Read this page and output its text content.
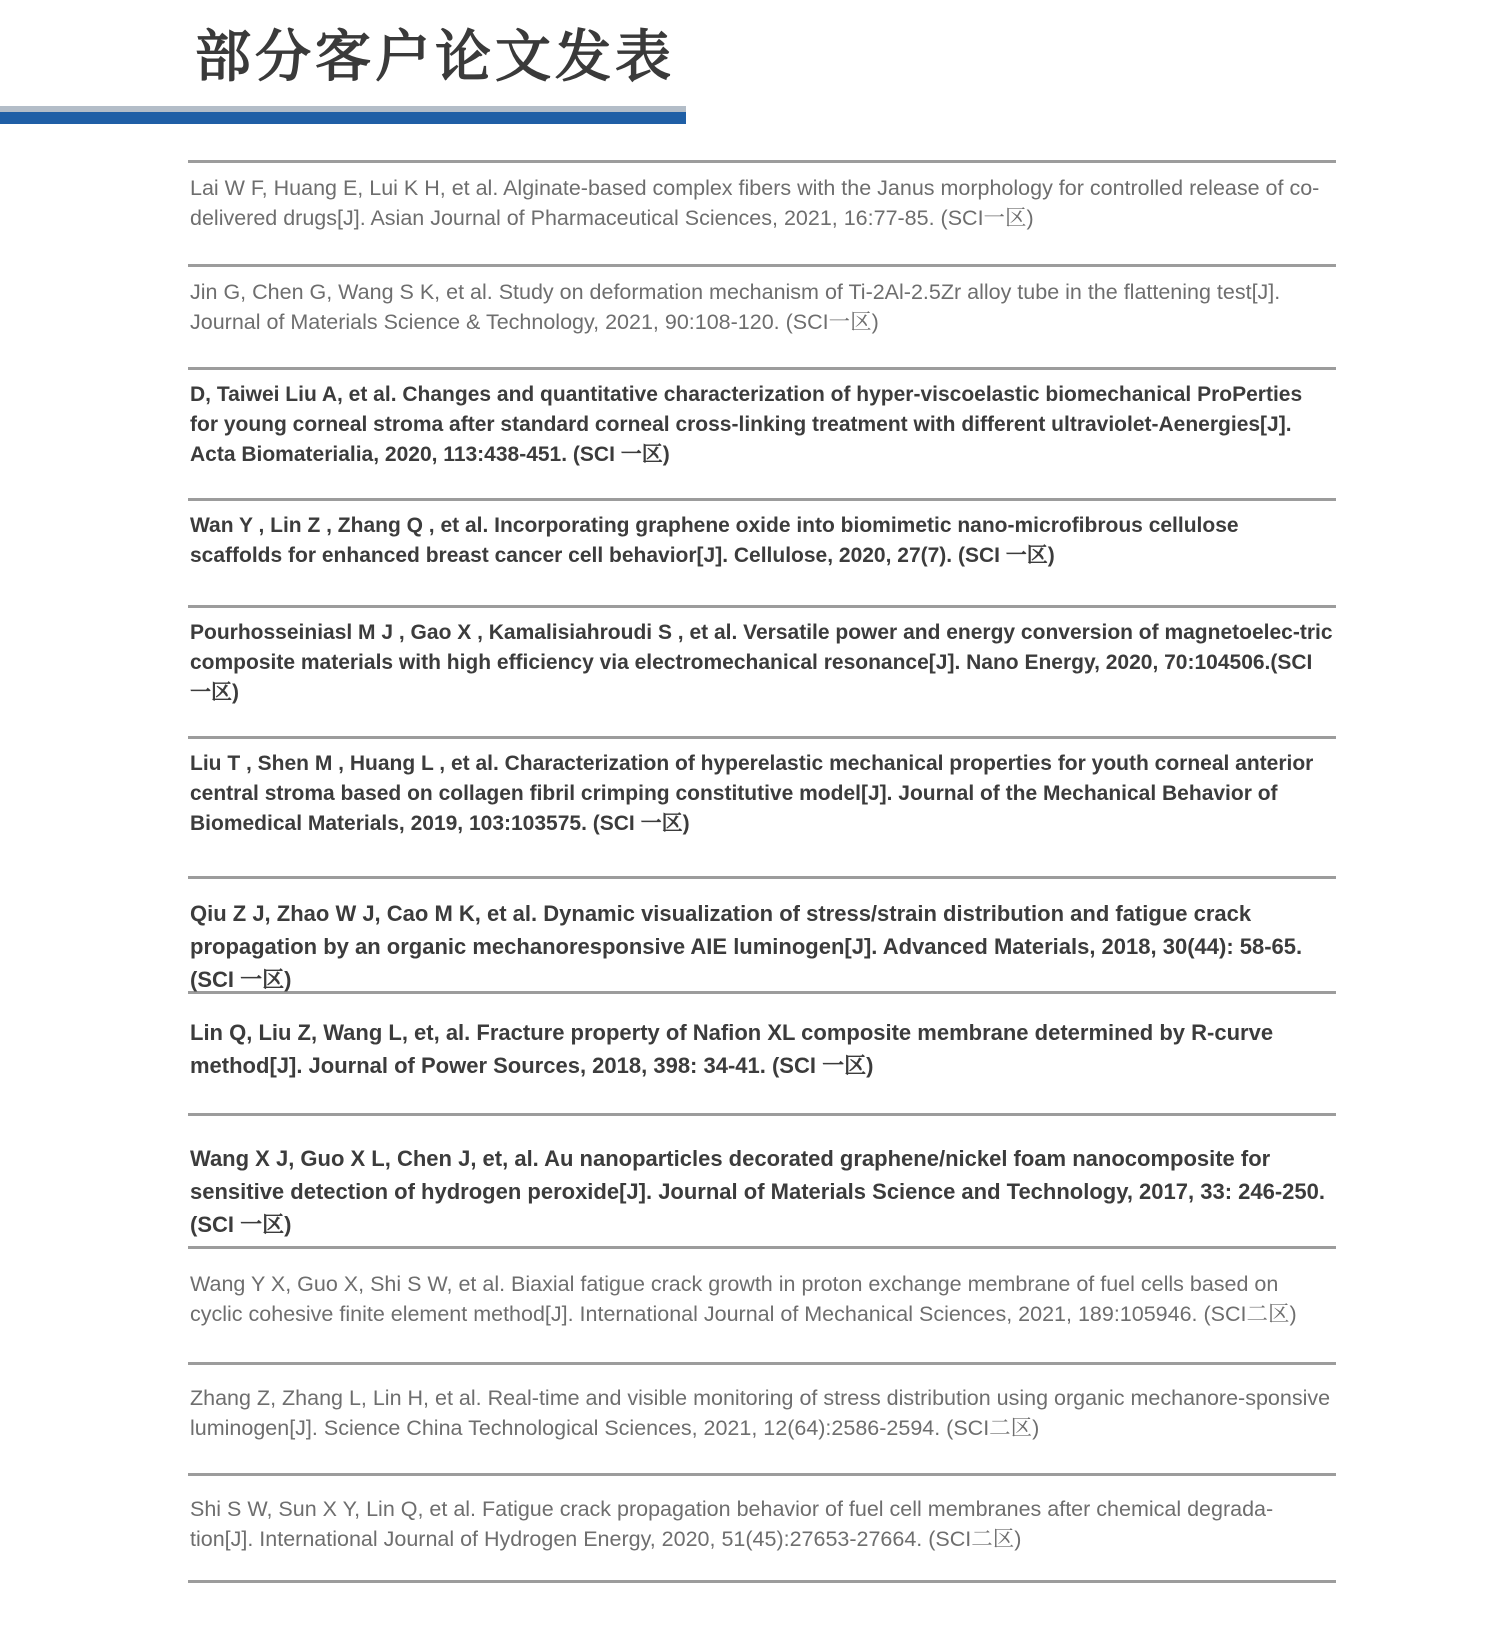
部分客户论文发表
Lai W F, Huang E, Lui K H, et al. Alginate-based complex fibers with the Janus morphology for controlled release of co-delivered drugs[J]. Asian Journal of Pharmaceutical Sciences, 2021, 16:77-85. (SCI一区)
Jin G, Chen G, Wang S K, et al. Study on deformation mechanism of Ti-2Al-2.5Zr alloy tube in the flattening test[J]. Journal of Materials Science & Technology, 2021, 90:108-120. (SCI一区)
D, Taiwei Liu A, et al. Changes and quantitative characterization of hyper-viscoelastic biomechanical ProPerties for young corneal stroma after standard corneal cross-linking treatment with different ultraviolet-Aenergies[J]. Acta Biomaterialia, 2020, 113:438-451. (SCI 一区)
Wan Y , Lin Z , Zhang Q , et al. Incorporating graphene oxide into biomimetic nano-microfibrous cellulose scaffolds for enhanced breast cancer cell behavior[J]. Cellulose, 2020, 27(7). (SCI 一区)
Pourhosseiniasl M J , Gao X , Kamalisiahroudi S , et al. Versatile power and energy conversion of magnetoelec-tric composite materials with high efficiency via electromechanical resonance[J]. Nano Energy, 2020, 70:104506.(SCI 一区)
Liu T , Shen M , Huang L , et al. Characterization of hyperelastic mechanical properties for youth corneal anterior central stroma based on collagen fibril crimping constitutive model[J]. Journal of the Mechanical Behavior of Biomedical Materials, 2019, 103:103575. (SCI 一区)
Qiu Z J, Zhao W J, Cao M K, et al. Dynamic visualization of stress/strain distribution and fatigue crack propagation by an organic mechanoresponsive AIE luminogen[J]. Advanced Materials, 2018, 30(44): 58-65. (SCI 一区)
Lin Q, Liu Z, Wang L, et, al. Fracture property of Nafion XL composite membrane determined by R-curve method[J]. Journal of Power Sources, 2018, 398: 34-41. (SCI 一区)
Wang X J, Guo X L, Chen J, et, al. Au nanoparticles decorated graphene/nickel foam nanocomposite for sensitive detection of hydrogen peroxide[J]. Journal of Materials Science and Technology, 2017, 33: 246-250. (SCI 一区)
Wang Y X, Guo X, Shi S W, et al. Biaxial fatigue crack growth in proton exchange membrane of fuel cells based on cyclic cohesive finite element method[J]. International Journal of Mechanical Sciences, 2021, 189:105946. (SCI二区)
Zhang Z, Zhang L, Lin H, et al. Real-time and visible monitoring of stress distribution using organic mechanore-sponsive luminogen[J]. Science China Technological Sciences, 2021, 12(64):2586-2594. (SCI二区)
Shi S W, Sun X Y, Lin Q, et al. Fatigue crack propagation behavior of fuel cell membranes after chemical degrada-tion[J]. International Journal of Hydrogen Energy, 2020, 51(45):27653-27664. (SCI二区)
